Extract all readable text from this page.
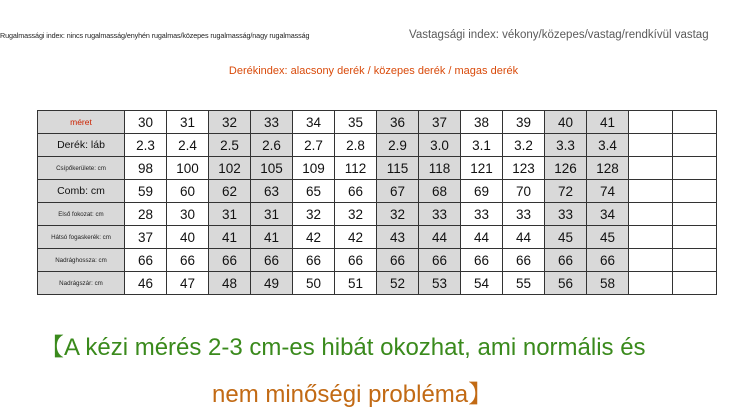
Rugalmassági index: nincs rugalmasság/enyhén rugalmas/közepes rugalmasság/nagy rugalmasság	Vastagsági index: vékony/közepes/vastag/rendkívül vastag
Derékindex: alacsony derék / közepes derék / magas derék
méret	30	31	32	33	34	35	36	37	38	39	40	41		
Derék: láb	2.3	2.4	2.5	2.6	2.7	2.8	2.9	3.0	3.1	3.2	3.3	3.4		
Csípőkerülete: cm	98	100	102	105	109	112	115	118	121	123	126	128		
Comb: cm	59	60	62	63	65	66	67	68	69	70	72	74		
Első fokozat: cm	28	30	31	31	32	32	32	33	33	33	33	34		
Hátsó fogaskerék: cm	37	40	41	41	42	42	43	44	44	44	45	45		
Nadrághossza: cm	66	66	66	66	66	66	66	66	66	66	66	66		
Nadrágszár: cm	46	47	48	49	50	51	52	53	54	55	56	58		
【A kézi mérés 2-3 cm-es hibát okozhat, ami normális és
nem minőségi probléma】
